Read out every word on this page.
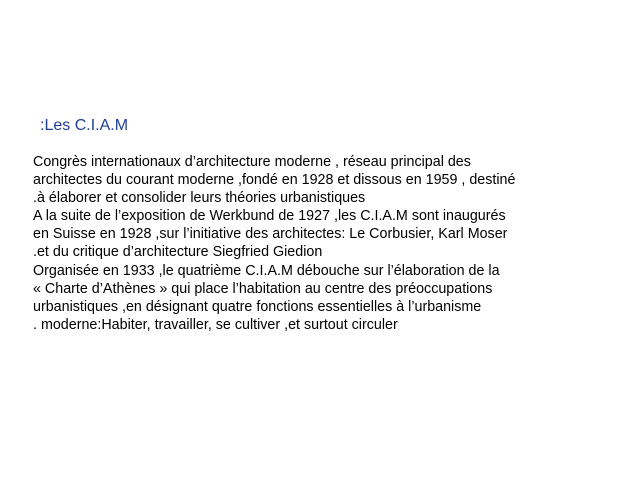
:Les C.I.A.M
Congrès internationaux d’architecture moderne , réseau principal des
architectes du courant moderne ,fondé en 1928 et dissous en 1959 , destiné
.à élaborer et consolider leurs théories urbanistiques
A la suite de l’exposition de Werkbund de 1927 ,les C.I.A.M sont inaugurés
en Suisse en 1928 ,sur l’initiative des architectes: Le Corbusier, Karl Moser
.et du critique d’architecture Siegfried Giedion
Organisée en 1933 ,le quatrième C.I.A.M débouche sur l’élaboration de la
« Charte d’Athènes » qui place l’habitation au centre des préoccupations
urbanistiques ,en désignant quatre fonctions essentielles à l’urbanisme
. moderne:Habiter, travailler, se cultiver ,et surtout circuler
